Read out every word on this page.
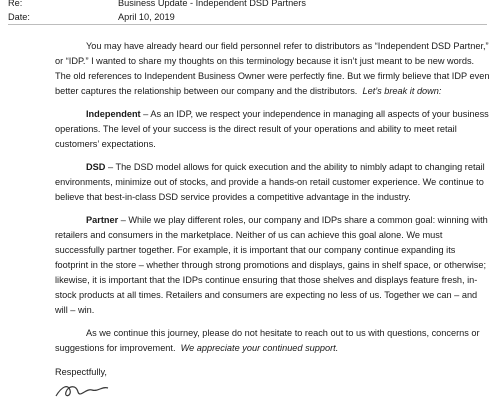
Re:	Business Update - Independent DSD Partners
Date:	April 10, 2019

You may have already heard our field personnel refer to distributors as “Independent DSD Partner,” or “IDP.” I wanted to share my thoughts on this terminology because it isn’t just meant to be new words. The old references to Independent Business Owner were perfectly fine. But we firmly believe that IDP even better captures the relationship between our company and the distributors. Let’s break it down:

Independent – As an IDP, we respect your independence in managing all aspects of your business operations. The level of your success is the direct result of your operations and ability to meet retail customers’ expectations.

DSD – The DSD model allows for quick execution and the ability to nimbly adapt to changing retail environments, minimize out of stocks, and provide a hands-on retail customer experience. We continue to believe that best-in-class DSD service provides a competitive advantage in the industry.

Partner – While we play different roles, our company and IDPs share a common goal: winning with retailers and consumers in the marketplace. Neither of us can achieve this goal alone. We must successfully partner together. For example, it is important that our company continue expanding its footprint in the store – whether through strong promotions and displays, gains in shelf space, or otherwise; likewise, it is important that the IDPs continue ensuring that those shelves and displays feature fresh, in-stock products at all times. Retailers and consumers are expecting no less of us. Together we can – and will – win.

As we continue this journey, please do not hesitate to reach out to us with questions, concerns or suggestions for improvement. We appreciate your continued support.

Respectfully,
